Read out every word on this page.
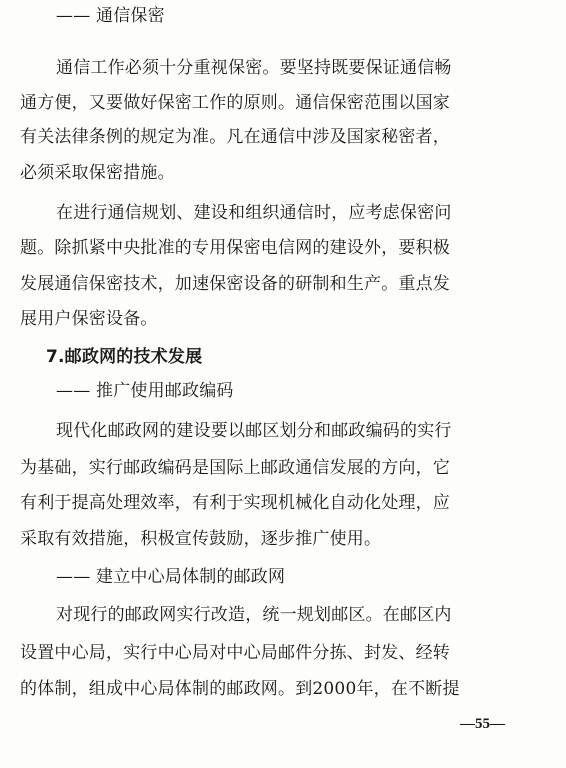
—— 通信保密
通信工作必须十分重视保密。要坚持既要保证通信畅
通方便，又要做好保密工作的原则。通信保密范围以国家
有关法律条例的规定为准。凡在通信中涉及国家秘密者，
必须采取保密措施。
在进行通信规划、建设和组织通信时，应考虑保密问
题。除抓紧中央批准的专用保密电信网的建设外，要积极
发展通信保密技术，加速保密设备的研制和生产。重点发
展用户保密设备。
7.邮政网的技术发展
—— 推广使用邮政编码
现代化邮政网的建设要以邮区划分和邮政编码的实行
为基础，实行邮政编码是国际上邮政通信发展的方向，它
有利于提高处理效率，有利于实现机械化自动化处理，应
采取有效措施，积极宣传鼓励，逐步推广使用。
—— 建立中心局体制的邮政网
对现行的邮政网实行改造，统一规划邮区。在邮区内
设置中心局，实行中心局对中心局邮件分拣、封发、经转
的体制，组成中心局体制的邮政网。到2000年，在不断提
—55—
